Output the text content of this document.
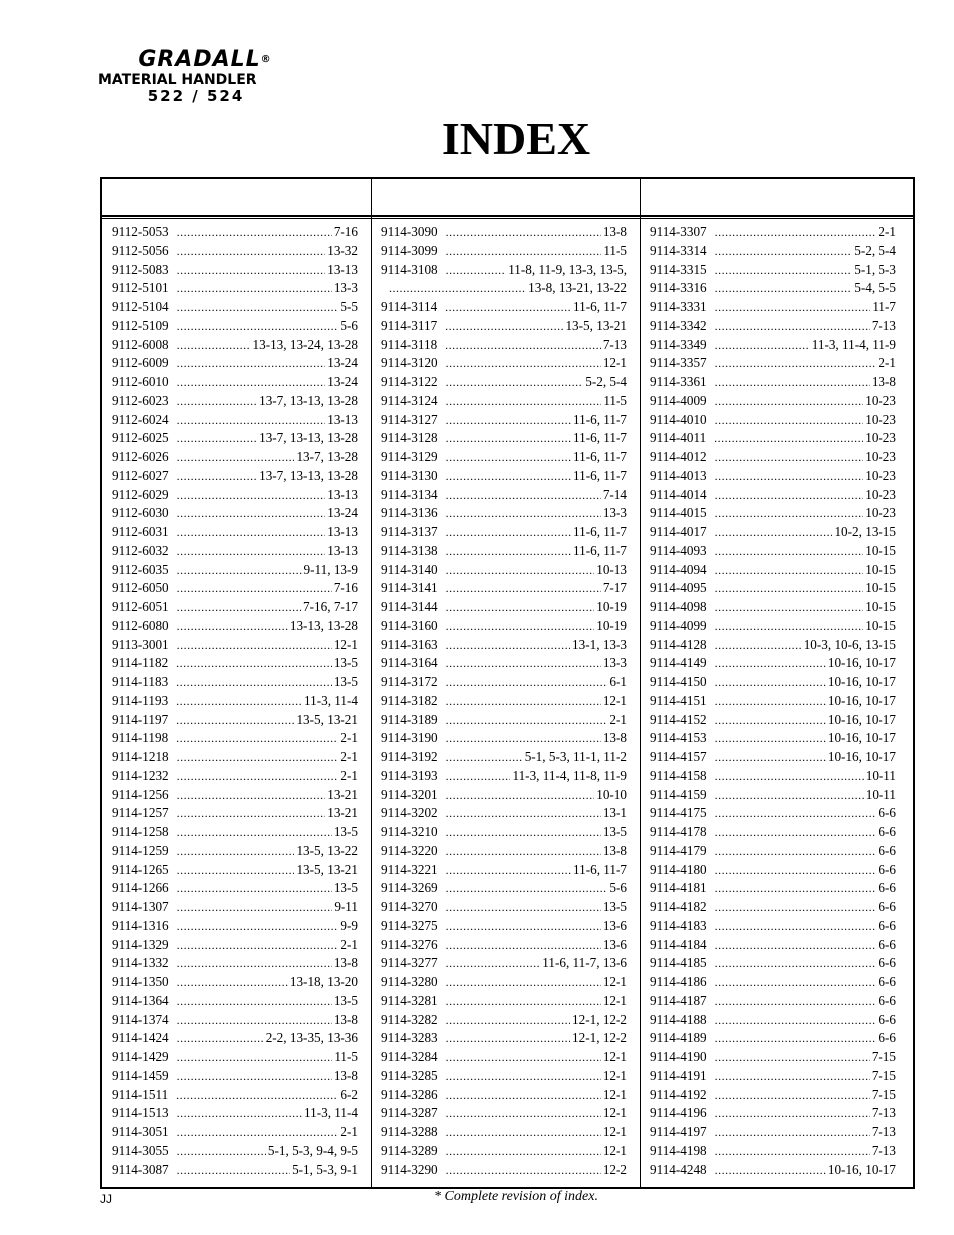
GRADALL®
MATERIAL HANDLER
522 / 524
INDEX
9112-5053 .....	7-16
9112-5056 .....	13-32
9112-5083 .....	13-13
9112-5101 .....	13-3
9112-5104 .....	5-5
9112-5109 .....	5-6
9112-6008 .....	13-13, 13-24, 13-28
9112-6009 .....	13-24
9112-6010 .....	13-24
9112-6023 .....	13-7, 13-13, 13-28
9112-6024 .....	13-13
9112-6025 .....	13-7, 13-13, 13-28
9112-6026 .....	13-7, 13-28
9112-6027 .....	13-7, 13-13, 13-28
9112-6029 .....	13-13
9112-6030 .....	13-24
9112-6031 .....	13-13
9112-6032 .....	13-13
9112-6035 .....	9-11, 13-9
9112-6050 .....	7-16
9112-6051 .....	7-16, 7-17
9112-6080 .....	13-13, 13-28
9113-3001 .....	12-1
9114-1182 .....	13-5
9114-1183 .....	13-5
9114-1193 .....	11-3, 11-4
9114-1197 .....	13-5, 13-21
9114-1198 .....	2-1
9114-1218 .....	2-1
9114-1232 .....	2-1
9114-1256 .....	13-21
9114-1257 .....	13-21
9114-1258 .....	13-5
9114-1259 .....	13-5, 13-22
9114-1265 .....	13-5, 13-21
9114-1266 .....	13-5
9114-1307 .....	9-11
9114-1316 .....	9-9
9114-1329 .....	2-1
9114-1332 .....	13-8
9114-1350 .....	13-18, 13-20
9114-1364 .....	13-5
9114-1374 .....	13-8
9114-1424 .....	2-2, 13-35, 13-36
9114-1429 .....	11-5
9114-1459 .....	13-8
9114-1511 .....	6-2
9114-1513 .....	11-3, 11-4
9114-3051 .....	2-1
9114-3055 .....	5-1, 5-3, 9-4, 9-5
9114-3087 .....	5-1, 5-3, 9-1
9114-3090 .....	13-8
9114-3099 .....	11-5
9114-3108 .....	11-8, 11-9, 13-3, 13-5,
.....
13-8, 13-21, 13-22
9114-3114 .....	11-6, 11-7
9114-3117 .....	13-5, 13-21
9114-3118 .....	7-13
9114-3120 .....	12-1
9114-3122 .....	5-2, 5-4
9114-3124 .....	11-5
9114-3127 .....	11-6, 11-7
9114-3128 .....	11-6, 11-7
9114-3129 .....	11-6, 11-7
9114-3130 .....	11-6, 11-7
9114-3134 .....	7-14
9114-3136 .....	13-3
9114-3137 .....	11-6, 11-7
9114-3138 .....	11-6, 11-7
9114-3140 .....	10-13
9114-3141 .....	7-17
9114-3144 .....	10-19
9114-3160 .....	10-19
9114-3163 .....	13-1, 13-3
9114-3164 .....	13-3
9114-3172 .....	6-1
9114-3182 .....	12-1
9114-3189 .....	2-1
9114-3190 .....	13-8
9114-3192 .....	5-1, 5-3, 11-1, 11-2
9114-3193 .....	11-3, 11-4, 11-8, 11-9
9114-3201 .....	10-10
9114-3202 .....	13-1
9114-3210 .....	13-5
9114-3220 .....	13-8
9114-3221 .....	11-6, 11-7
9114-3269 .....	5-6
9114-3270 .....	13-5
9114-3275 .....	13-6
9114-3276 .....	13-6
9114-3277 .....	11-6, 11-7, 13-6
9114-3280 .....	12-1
9114-3281 .....	12-1
9114-3282 .....	12-1, 12-2
9114-3283 .....	12-1, 12-2
9114-3284 .....	12-1
9114-3285 .....	12-1
9114-3286 .....	12-1
9114-3287 .....	12-1
9114-3288 .....	12-1
9114-3289 .....	12-1
9114-3290 .....	12-2
9114-3307 .....	2-1
9114-3314 .....	5-2, 5-4
9114-3315 .....	5-1, 5-3
9114-3316 .....	5-4, 5-5
9114-3331 .....	11-7
9114-3342 .....	7-13
9114-3349 .....	11-3, 11-4, 11-9
9114-3357 .....	2-1
9114-3361 .....	13-8
9114-4009 .....	10-23
9114-4010 .....	10-23
9114-4011 .....	10-23
9114-4012 .....	10-23
9114-4013 .....	10-23
9114-4014 .....	10-23
9114-4015 .....	10-23
9114-4017 .....	10-2, 13-15
9114-4093 .....	10-15
9114-4094 .....	10-15
9114-4095 .....	10-15
9114-4098 .....	10-15
9114-4099 .....	10-15
9114-4128 .....	10-3, 10-6, 13-15
9114-4149 .....	10-16, 10-17
9114-4150 .....	10-16, 10-17
9114-4151 .....	10-16, 10-17
9114-4152 .....	10-16, 10-17
9114-4153 .....	10-16, 10-17
9114-4157 .....	10-16, 10-17
9114-4158 .....	10-11
9114-4159 .....	10-11
9114-4175 .....	6-6
9114-4178 .....	6-6
9114-4179 .....	6-6
9114-4180 .....	6-6
9114-4181 .....	6-6
9114-4182 .....	6-6
9114-4183 .....	6-6
9114-4184 .....	6-6
9114-4185 .....	6-6
9114-4186 .....	6-6
9114-4187 .....	6-6
9114-4188 .....	6-6
9114-4189 .....	6-6
9114-4190 .....	7-15
9114-4191 .....	7-15
9114-4192 .....	7-15
9114-4196 .....	7-13
9114-4197 .....	7-13
9114-4198 .....	7-13
9114-4248 .....	10-16, 10-17
JJ	* Complete revision of index.
